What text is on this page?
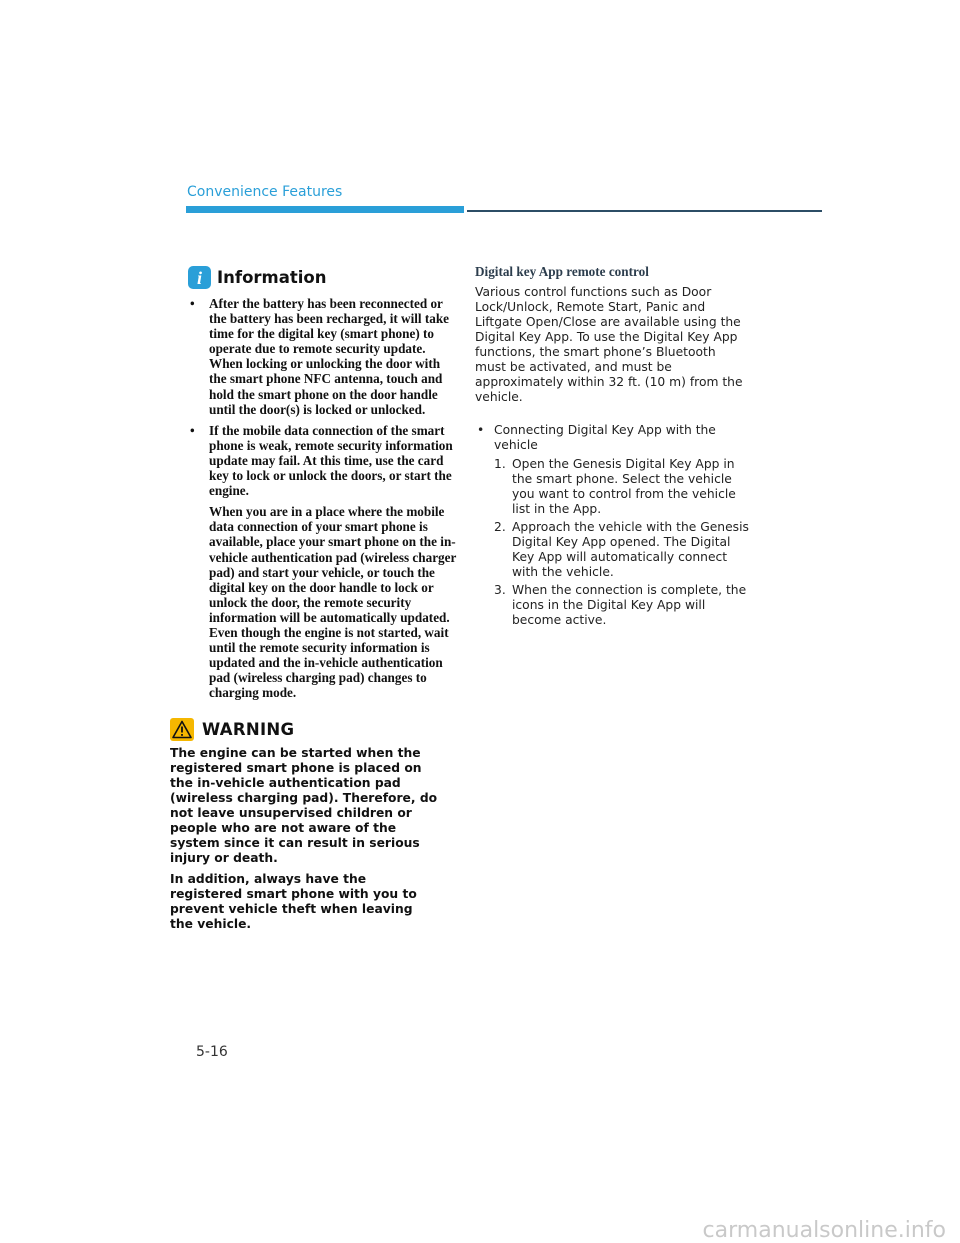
Convenience Features
i Information
• After the battery has been reconnected or the battery has been recharged, it will take time for the digital key (smart phone) to operate due to remote security update. When locking or unlocking the door with the smart phone NFC antenna, touch and hold the smart phone on the door handle until the door(s) is locked or unlocked.

• If the mobile data connection of the smart phone is weak, remote security information update may fail. At this time, use the card key to lock or unlock the doors, or start the engine.

When you are in a place where the mobile data connection of your smart phone is available, place your smart phone on the in-vehicle authentication pad (wireless charger pad) and start your vehicle, or touch the digital key on the door handle to lock or unlock the door, the remote security information will be automatically updated. Even though the engine is not started, wait until the remote security information is updated and the in-vehicle authentication pad (wireless charging pad) changes to charging mode.

WARNING

The engine can be started when the registered smart phone is placed on the in-vehicle authentication pad (wireless charging pad). Therefore, do not leave unsupervised children or people who are not aware of the system since it can result in serious injury or death.

In addition, always have the registered smart phone with you to prevent vehicle theft when leaving the vehicle.

Digital key App remote control

Various control functions such as Door Lock/Unlock, Remote Start, Panic and Liftgate Open/Close are available using the Digital Key App. To use the Digital Key App functions, the smart phone’s Bluetooth must be activated, and must be approximately within 32 ft. (10 m) from the vehicle.

• Connecting Digital Key App with the vehicle
1. Open the Genesis Digital Key App in the smart phone. Select the vehicle you want to control from the vehicle list in the App.
2. Approach the vehicle with the Genesis Digital Key App opened. The Digital Key App will automatically connect with the vehicle.
3. When the connection is complete, the icons in the Digital Key App will become active.
5-16
carmanualsonline.info
